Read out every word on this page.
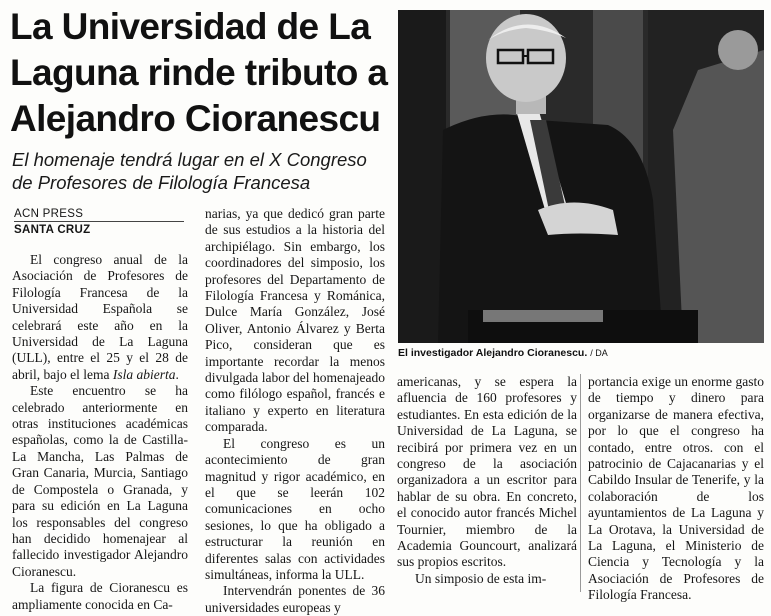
La Universidad de La
Laguna rinde tributo a
Alejandro Cioranescu
El homenaje tendrá lugar en el X Congreso
de Profesores de Filología Francesa
ACN PRESS
SANTA CRUZ
El investigador Alejandro Cioranescu. / DA

El congreso anual de la Asociación de Profesores de Filología Francesa de la Universidad Española se celebrará este año en la Universidad de La Laguna (ULL), entre el 25 y el 28 de abril, bajo el lema Isla abierta.

Este encuentro se ha celebrado anteriormente en otras instituciones académicas españolas, como la de Castilla-La Mancha, Las Palmas de Gran Canaria, Murcia, Santiago de Compostela o Granada, y para su edición en La Laguna los responsables del congreso han decidido homenajear al fallecido investigador Alejandro Cioranescu.

La figura de Cioranescu es ampliamente conocida en Ca-

narias, ya que dedicó gran parte de sus estudios a la historia del archipiélago. Sin embargo, los coordinadores del simposio, los profesores del Departamento de Filología Francesa y Románica, Dulce María González, José Oliver, Antonio Álvarez y Berta Pico, consideran que es importante recordar la menos divulgada labor del homenajeado como filólogo español, francés e italiano y experto en literatura comparada.

El congreso es un acontecimiento de gran magnitud y rigor académico, en el que se leerán 102 comunicaciones en ocho sesiones, lo que ha obligado a estructurar la reunión en diferentes salas con actividades simultáneas, informa la ULL.

Intervendrán ponentes de 36 universidades europeas y

americanas, y se espera la afluencia de 160 profesores y estudiantes. En esta edición de la Universidad de La Laguna, se recibirá por primera vez en un congreso de la asociación organizadora a un escritor para hablar de su obra. En concreto, el conocido autor francés Michel Tournier, miembro de la Academia Gouncourt, analizará sus propios escritos.

Un simposio de esta im-

portancia exige un enorme gasto de tiempo y dinero para organizarse de manera efectiva, por lo que el congreso ha contado, entre otros. con el patrocinio de Cajacanarias y el Cabildo Insular de Tenerife, y la colaboración de los ayuntamientos de La Laguna y La Orotava, la Universidad de La Laguna, el Ministerio de Ciencia y Tecnología y la Asociación de Profesores de Filología Francesa.
